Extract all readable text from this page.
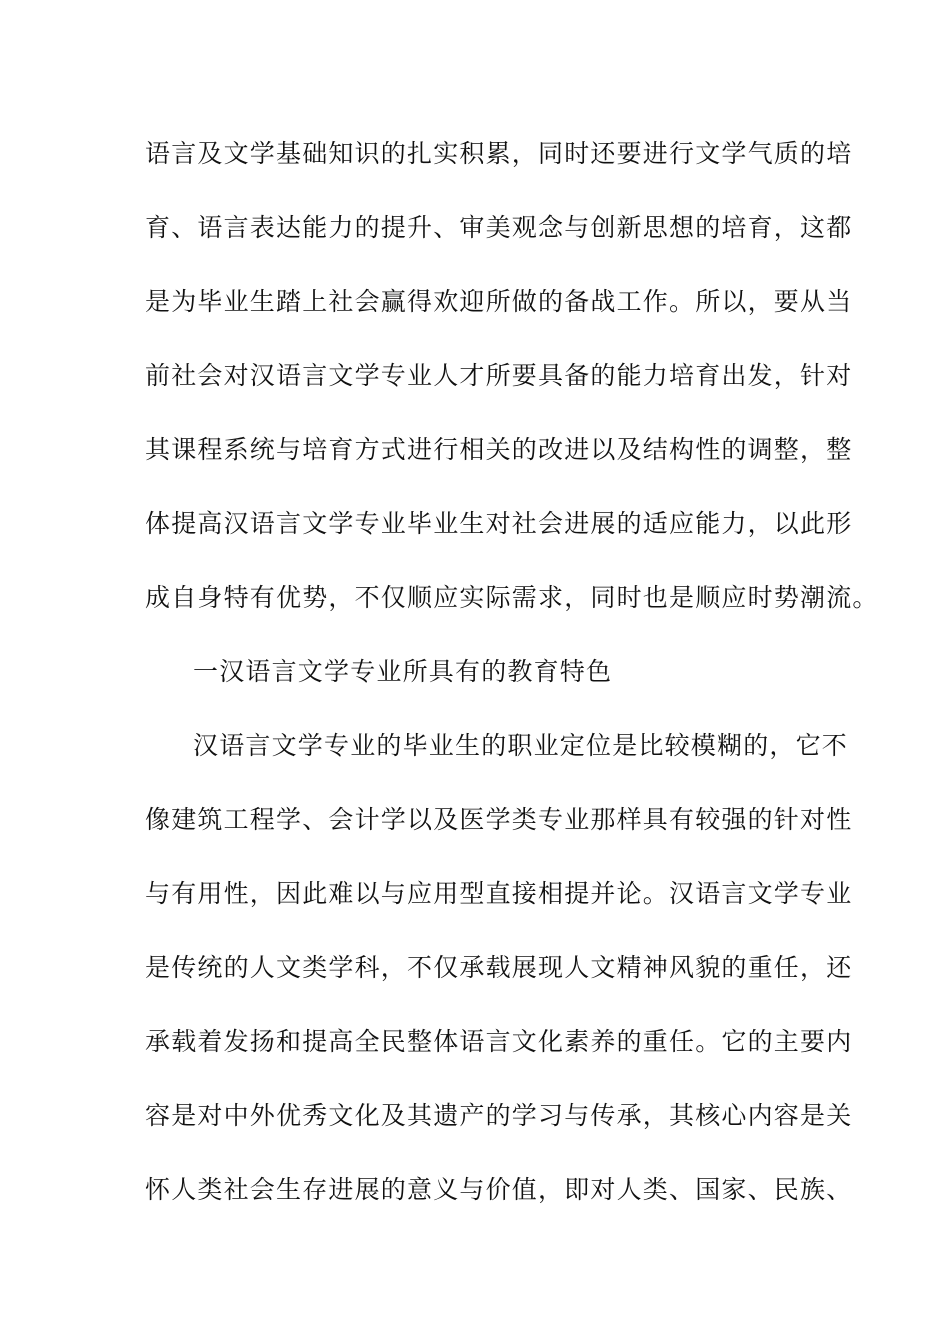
语言及文学基础知识的扎实积累，同时还要进行文学气质的培
育、语言表达能力的提升、审美观念与创新思想的培育，这都
是为毕业生踏上社会赢得欢迎所做的备战工作。所以，要从当
前社会对汉语言文学专业人才所要具备的能力培育出发，针对
其课程系统与培育方式进行相关的改进以及结构性的调整，整
体提高汉语言文学专业毕业生对社会进展的适应能力，以此形
成自身特有优势，不仅顺应实际需求，同时也是顺应时势潮流。
一汉语言文学专业所具有的教育特色
汉语言文学专业的毕业生的职业定位是比较模糊的，它不
像建筑工程学、会计学以及医学类专业那样具有较强的针对性
与有用性，因此难以与应用型直接相提并论。汉语言文学专业
是传统的人文类学科，不仅承载展现人文精神风貌的重任，还
承载着发扬和提高全民整体语言文化素养的重任。它的主要内
容是对中外优秀文化及其遗产的学习与传承，其核心内容是关
怀人类社会生存进展的意义与价值，即对人类、国家、民族、
